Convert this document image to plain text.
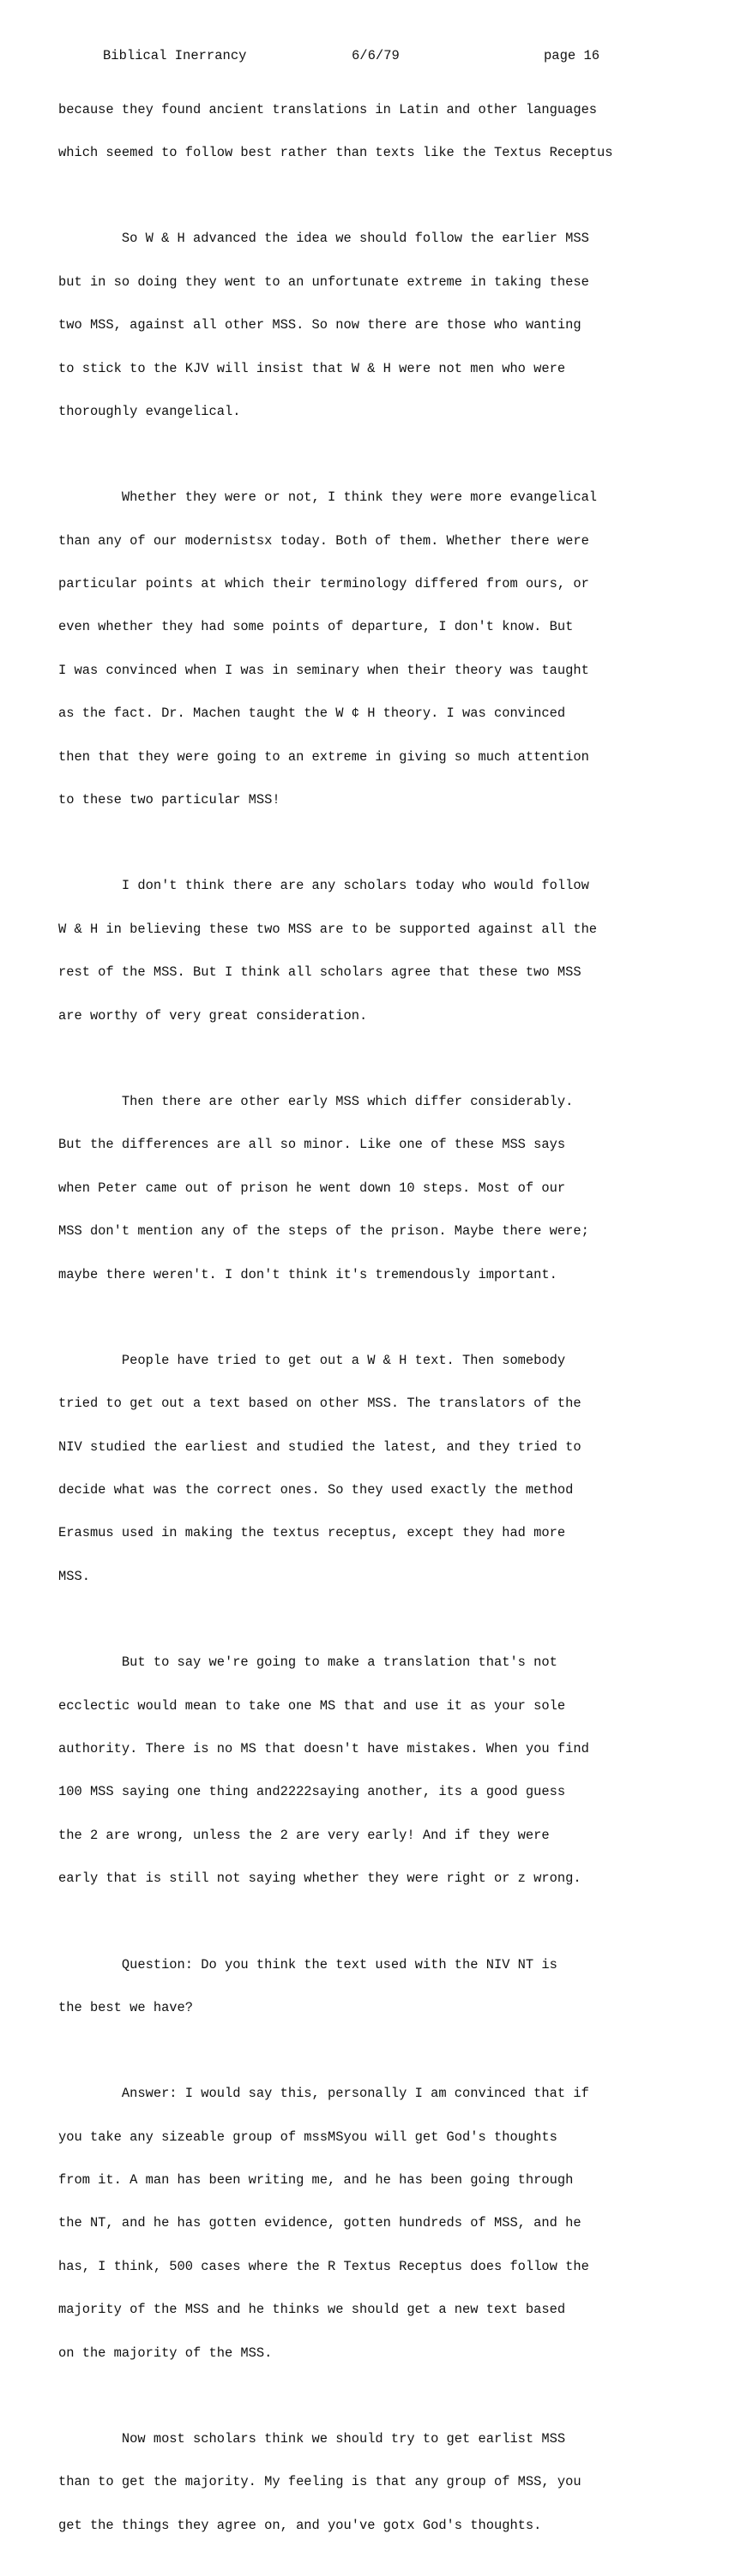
Biblical Inerrancy	6/6/79	page 16

because they found ancient translations in Latin and other languages

which seemed to follow best rather than texts like the Textus Receptus

So W & H advanced the idea we should follow the earlier MSS

but in so doing they went to an unfortunate extreme in taking these

two MSS, against all other MSS. So now there are those who wanting

to stick to the KJV will insist that W & H were not men who were

thoroughly evangelical.

Whether they were or not, I think they were more evangelical

than any of our modernistsx today. Both of them. Whether there were

particular points at which their terminology differed from ours, or

even whether they had some points of departure, I don't know. But

I was convinced when I was in seminary when their theory was taught

as the fact. Dr. Machen taught the W ¢ H theory. I was convinced

then that they were going to an extreme in giving so much attention

to these two particular MSS!

I don't think there are any scholars today who would follow

W & H in believing these two MSS are to be supported against all the

rest of the MSS. But I think all scholars agree that these two MSS

are worthy of very great consideration.

Then there are other early MSS which differ considerably.

But the differences are all so minor. Like one of these MSS says

when Peter came out of prison he went down 10 steps. Most of our

MSS don't mention any of the steps of the prison. Maybe there were;

maybe there weren't. I don't think it's tremendously important.

People have tried to get out a W & H text. Then somebody

tried to get out a text based on other MSS. The translators of the

NIV studied the earliest and studied the latest, and they tried to

decide what was the correct ones. So they used exactly the method

Erasmus used in making the textus receptus, except they had more

MSS.

But to say we're going to make a translation that's not

ecclectic would mean to take one MS that and use it as your sole

authority. There is no MS that doesn't have mistakes. When you find

100 MSS saying one thing and2222saying another, its a good guess

the 2 are wrong, unless the 2 are very early! And if they were

early that is still not saying whether they were right or z wrong.

Question: Do you think the text used with the NIV NT is

the best we have?

Answer: I would say this, personally I am convinced that if

you take any sizeable group of mssMSyou will get God's thoughts

from it. A man has been writing me, and he has been going through

the NT, and he has gotten evidence, gotten hundreds of MSS, and he

has, I think, 500 cases where the R Textus Receptus does follow the

majority of the MSS and he thinks we should get a new text based

on the majority of the MSS.

Now most scholars think we should try to get earlist MSS

than to get the majority. My feeling is that any group of MSS, you

get the things they agree on, and you've gotx God's thoughts.
